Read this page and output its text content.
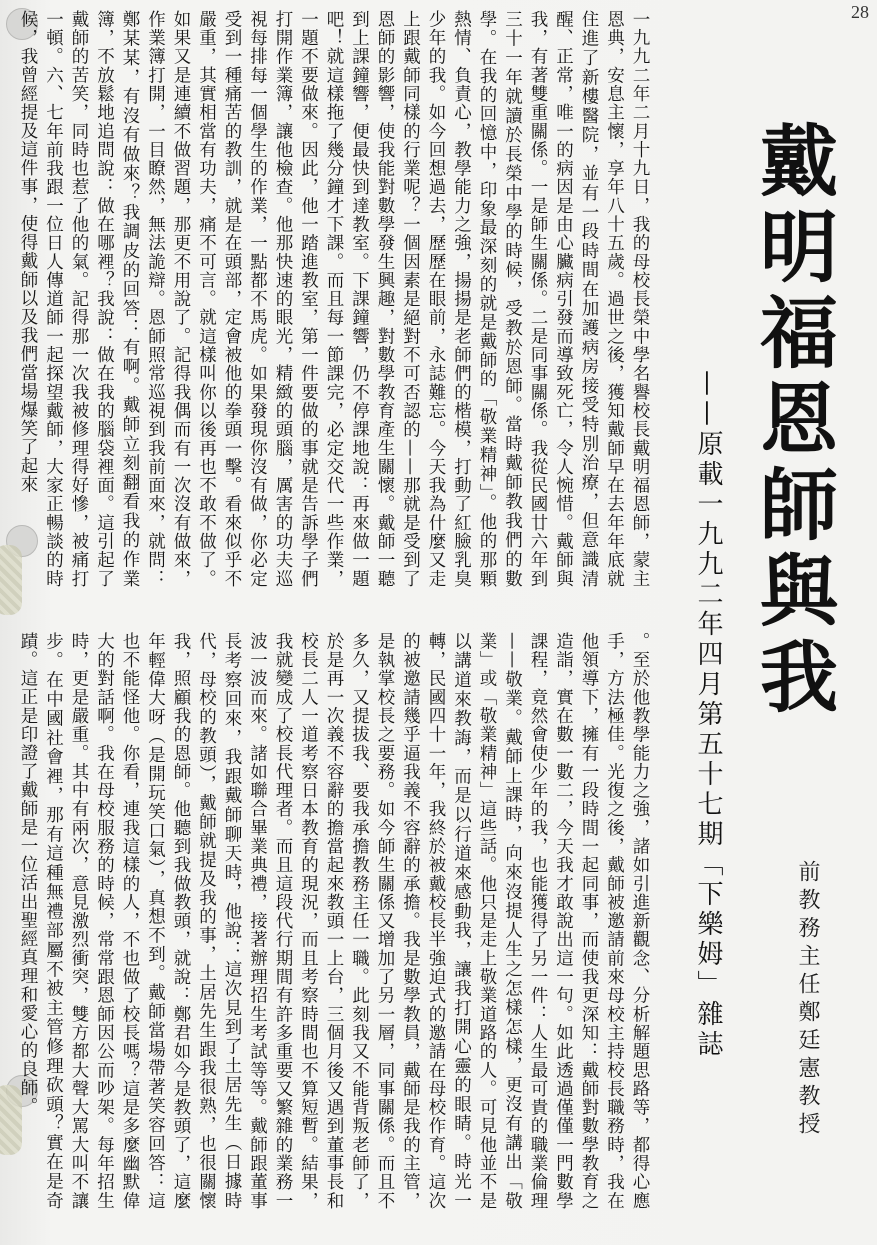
28
戴明福恩師與我
——原載一九九二年四月第五十七期「下樂姆」雜誌	前教務主任鄭廷憲教授
一九九二年二月十九日，我的母校長榮中學名譽校長戴明福恩師，蒙主恩典，安息主懷，享年八十五歲。過世之後，獲知戴師早在去年年底就住進了新樓醫院，並有一段時間在加護病房接受特別治療，但意識清醒、正常，唯一的病因是由心臟病引發而導致死亡，令人惋惜。戴師與我，有著雙重關係。一是師生關係。二是同事關係。我從民國廿六年到三十一年就讀於長榮中學的時候，受教於恩師。當時戴師教我們的數學。在我的回憶中，印象最深刻的就是戴師的「敬業精神」。他的那顆熱情、負責心，教學能力之強，揚揚是老師們的楷模，打動了紅臉乳臭少年的我。如今回想過去，歷歷在眼前，永誌難忘。今天我為什麼又走上跟戴師同樣的行業呢？一個因素是絕對不可否認的——那就是受到了恩師的影響，使我能對數學發生興趣，對數學教育產生關懷。戴師一聽到上課鐘響，便最快到達教室。下課鐘響，仍不停課地說：再來做一題吧！就這樣拖了幾分鐘才下課。而且每一節課完，必定交代一些作業，一題不要做來。因此，他一踏進教室，第一件要做的事就是告訴學子們打開作業簿，讓他檢查。他那快速的眼光，精緻的頭腦，厲害的功夫巡視每排每一個學生的作業，一點都不馬虎。如果發現你沒有做，你必定受到一種痛苦的教訓，就是在頭部，定會被他的拳頭一擊。看來似乎不嚴重，其實相當有功夫，痛不可言。就這樣叫你以後再也不敢不做了。如果又是連續不做習題，那更不用說了。記得我偶而有一次沒有做來，作業簿打開，一目瞭然，無法詭辯。恩師照常巡視到我前面來，就問：鄭某某，有沒有做來？我調皮的回答：有啊。戴師立刻翻看我的作業簿，不放鬆地追問說：做在哪裡？我說：做在我的腦袋裡面。這引起了戴師的苦笑，同時也惹了他的氣。記得那一次我被修理得好慘，被痛打一頓。六、七年前我跟一位日人傳道師一起探望戴師，大家正暢談的時候，我曾經提及這件事，使得戴師以及我們當場爆笑了起來
。至於他教學能力之強，諸如引進新觀念、分析解題思路等，都得心應手，方法極佳。光復之後，戴師被邀請前來母校主持校長職務時，我在他領導下，擁有一段時間一起同事，而使我更深知：戴師對數學教育之造詣，實在數一數二，今天我才敢說出這一句。如此透過僅僅一門數學課程，竟然會使少年的我，也能獲得了另一件：人生最可貴的職業倫理——敬業。戴師上課時，向來沒提人生之怎樣怎樣，更沒有講出「敬業」或「敬業精神」這些話。他只是走上敬業道路的人。可見他並不是以講道來教誨，而是以行道來感動我，讓我打開心靈的眼睛。時光一轉，民國四十一年，我終於被戴校長半強迫式的邀請在母校作育。這次的被邀請幾乎逼我義不容辭的承擔。我是數學教員，戴師是我的主管，是執掌校長之要務。如今師生關係又增加了另一層，同事關係。而且不多久，又提拔我、要我承擔教務主任一職。此刻我又不能背叛老師了，於是再一次義不容辭的擔當起來教頭一上台，三個月後又遇到董事長和校長二人一道考察日本教育的現況，而且考察時間也不算短暫。結果，我就變成了校長代理者。而且這段代行期間有許多重要又繁雜的業務一波一波而來。諸如聯合畢業典禮，接著辦理招生考試等等。戴師跟董事長考察回來，我跟戴師聊天時，他說：這次見到了土居先生（日據時代，母校的教頭），戴師就提及我的事，土居先生跟我很熟，也很關懷我，照顧我的恩師。他聽到我做教頭，就說：鄭君如今是教頭了，這麼年輕偉大呀（是開玩笑口氣），真想不到。戴師當場帶著笑容回答：這也不能怪他。你看，連我這樣的人，不也做了校長嗎？這是多麼幽默偉大的對話啊。我在母校服務的時候，常常跟恩師因公而吵架。每年招生時，更是嚴重。其中有兩次，意見激烈衝突，雙方都大聲大罵大叫不讓步。在中國社會裡，那有這種無禮部屬不被主管修理砍頭？實在是奇蹟。這正是印證了戴師是一位活出聖經真理和愛心的良師。
